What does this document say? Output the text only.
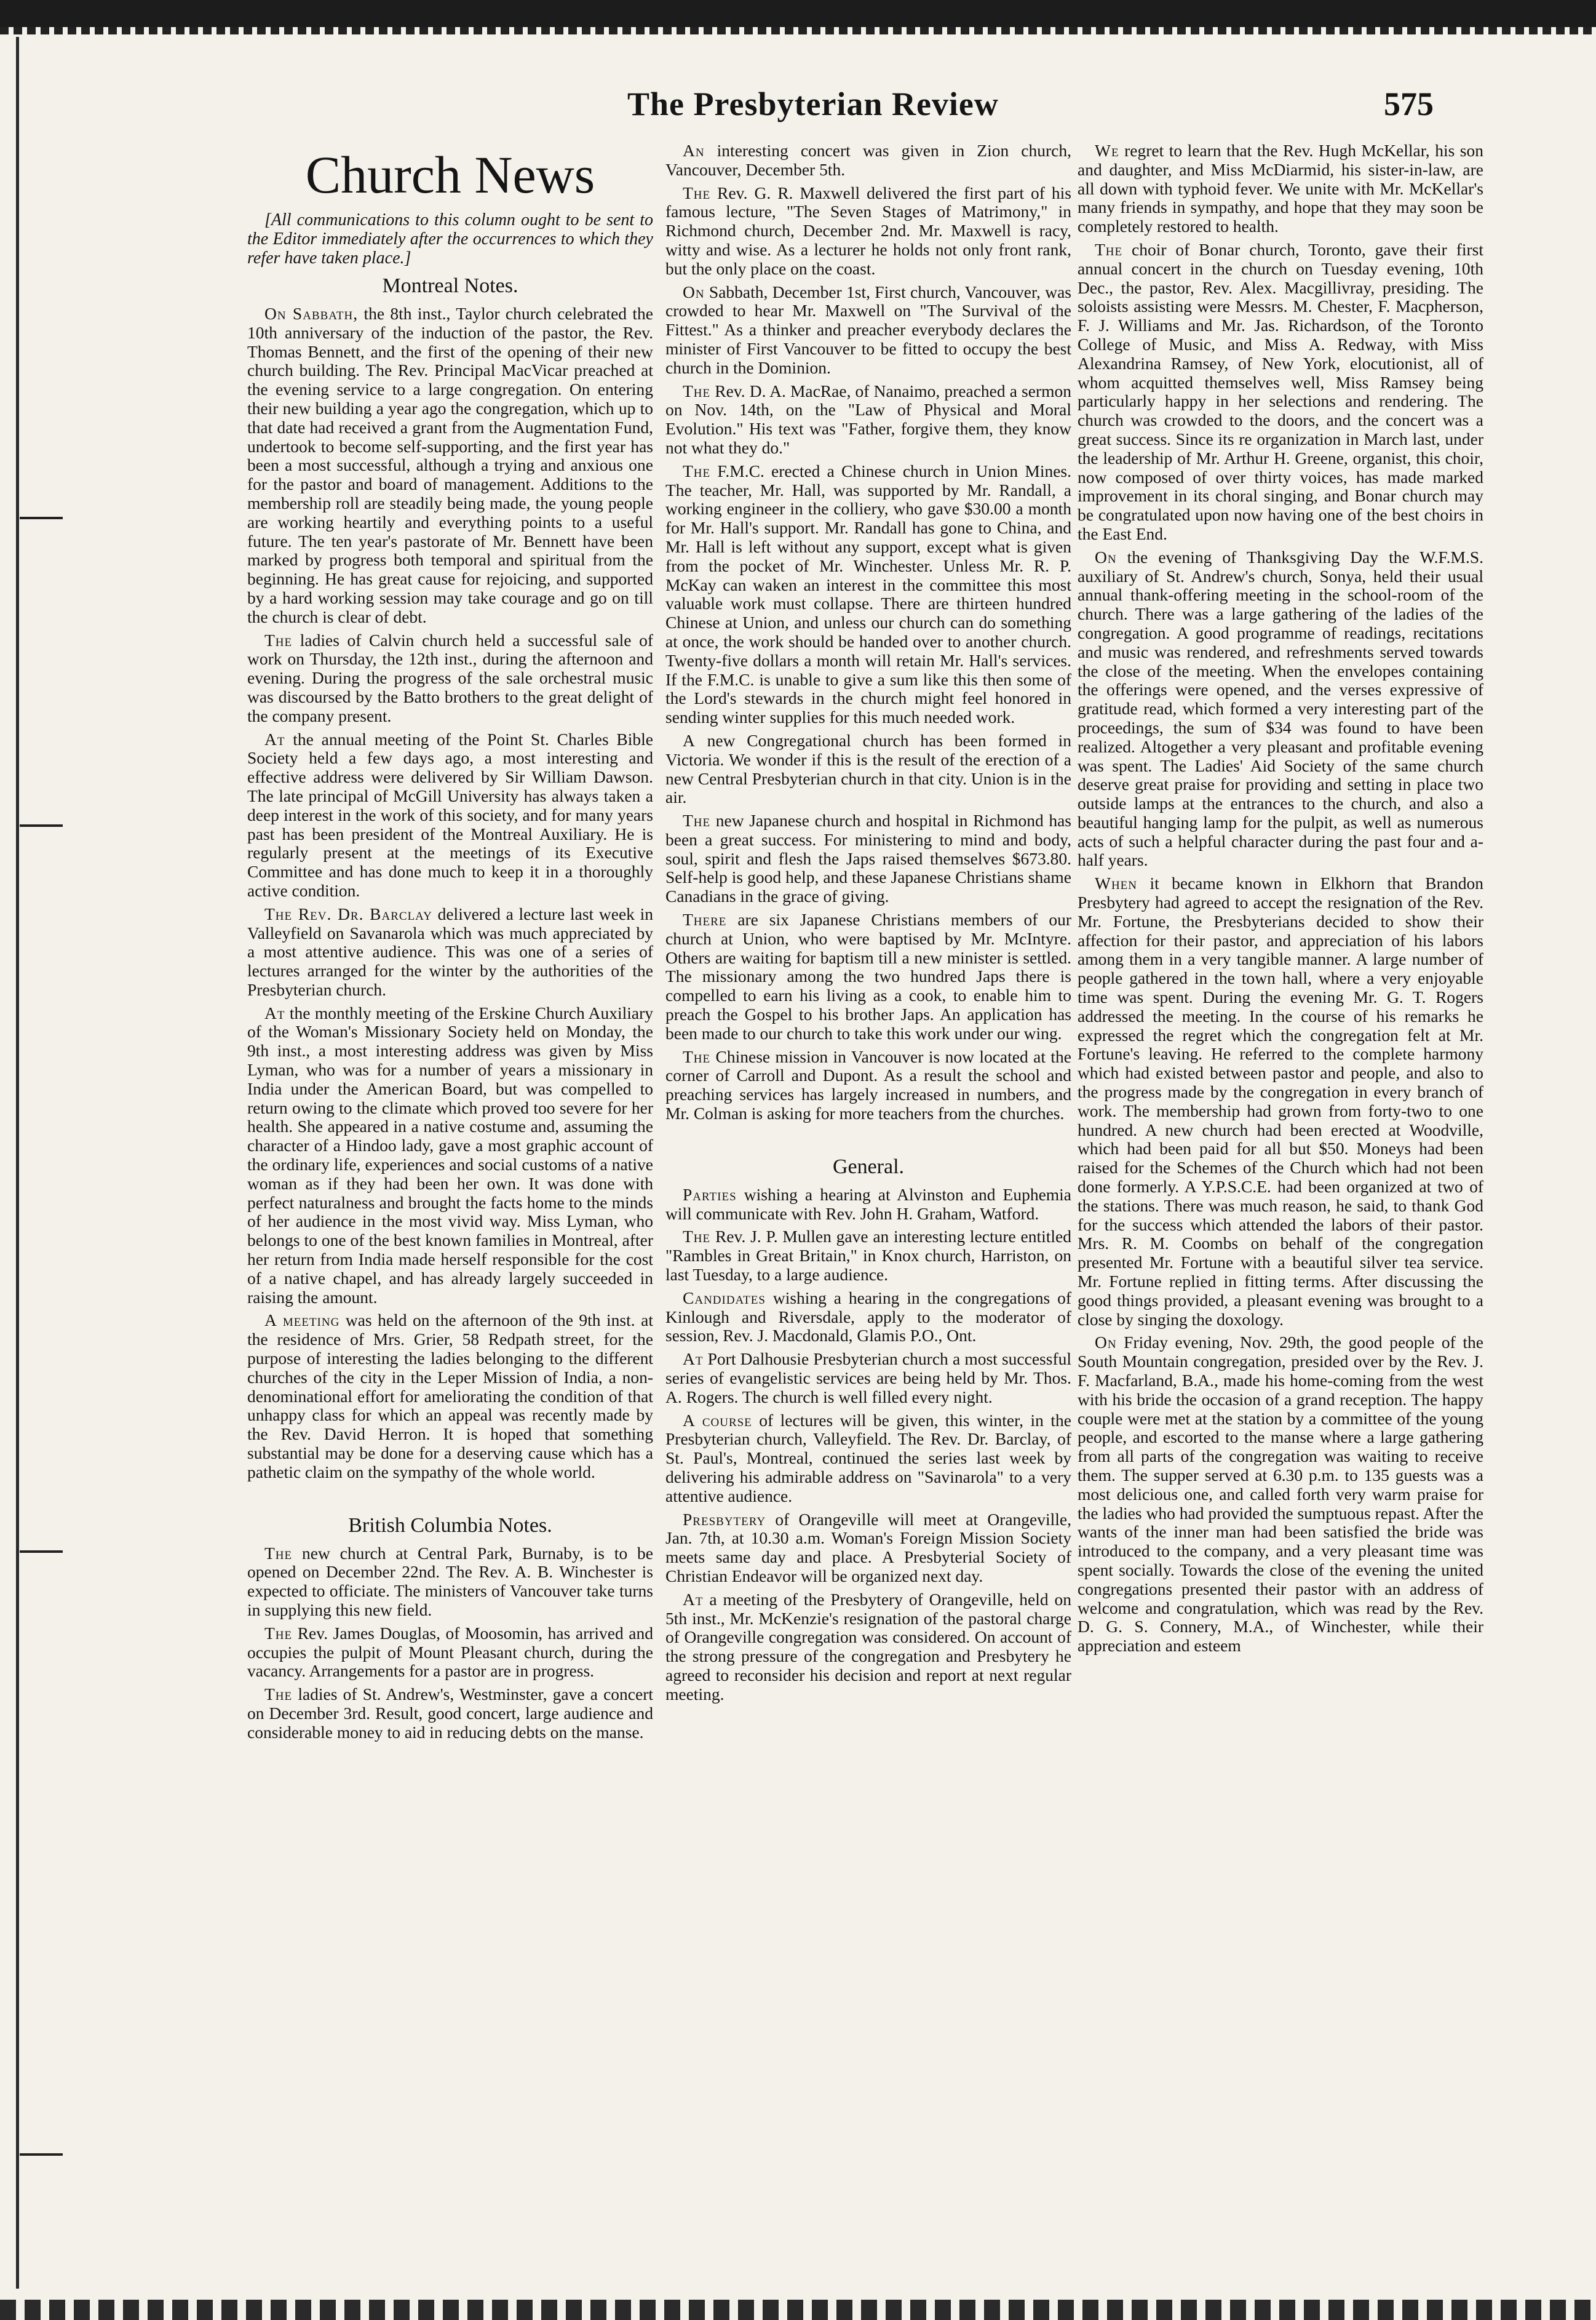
The Presbyterian Review	575
Church News

[All communications to this column ought to be sent to the Editor immediately after the occurrences to which they refer have taken place.]

Montreal Notes.

On Sabbath, the 8th inst., Taylor church celebrated the 10th anniversary of the induction of the pastor, the Rev. Thomas Bennett, and the first of the opening of their new church building. The Rev. Principal MacVicar preached at the evening service to a large congregation. On entering their new building a year ago the congregation, which up to that date had received a grant from the Augmentation Fund, undertook to become self-supporting, and the first year has been a most successful, although a trying and anxious one for the pastor and board of management. Additions to the membership roll are steadily being made, the young people are working heartily and everything points to a useful future. The ten year's pastorate of Mr. Bennett have been marked by progress both temporal and spiritual from the beginning. He has great cause for rejoicing, and supported by a hard working session may take courage and go on till the church is clear of debt.

The ladies of Calvin church held a successful sale of work on Thursday, the 12th inst., during the afternoon and evening. During the progress of the sale orchestral music was discoursed by the Batto brothers to the great delight of the company present.

At the annual meeting of the Point St. Charles Bible Society held a few days ago, a most interesting and effective address were delivered by Sir William Dawson. The late principal of McGill University has always taken a deep interest in the work of this society, and for many years past has been president of the Montreal Auxiliary. He is regularly present at the meetings of its Executive Committee and has done much to keep it in a thoroughly active condition.

The Rev. Dr. Barclay delivered a lecture last week in Valleyfield on Savanarola which was much appreciated by a most attentive audience. This was one of a series of lectures arranged for the winter by the authorities of the Presbyterian church.

At the monthly meeting of the Erskine Church Auxiliary of the Woman's Missionary Society held on Monday, the 9th inst., a most interesting address was given by Miss Lyman, who was for a number of years a missionary in India under the American Board, but was compelled to return owing to the climate which proved too severe for her health. She appeared in a native costume and, assuming the character of a Hindoo lady, gave a most graphic account of the ordinary life, experiences and social customs of a native woman as if they had been her own. It was done with perfect naturalness and brought the facts home to the minds of her audience in the most vivid way. Miss Lyman, who belongs to one of the best known families in Montreal, after her return from India made herself responsible for the cost of a native chapel, and has already largely succeeded in raising the amount.

A meeting was held on the afternoon of the 9th inst. at the residence of Mrs. Grier, 58 Redpath street, for the purpose of interesting the ladies belonging to the different churches of the city in the Leper Mission of India, a non-denominational effort for ameliorating the condition of that unhappy class for which an appeal was recently made by the Rev. David Herron. It is hoped that something substantial may be done for a deserving cause which has a pathetic claim on the sympathy of the whole world.

British Columbia Notes.

The new church at Central Park, Burnaby, is to be opened on December 22nd. The Rev. A. B. Winchester is expected to officiate. The ministers of Vancouver take turns in supplying this new field.

The Rev. James Douglas, of Moosomin, has arrived and occupies the pulpit of Mount Pleasant church, during the vacancy. Arrangements for a pastor are in progress.

The ladies of St. Andrew's, Westminster, gave a concert on December 3rd. Result, good concert, large audience and considerable money to aid in reducing debts on the manse.

An interesting concert was given in Zion church, Vancouver, December 5th.

The Rev. G. R. Maxwell delivered the first part of his famous lecture, "The Seven Stages of Matrimony," in Richmond church, December 2nd. Mr. Maxwell is racy, witty and wise. As a lecturer he holds not only front rank, but the only place on the coast.

On Sabbath, December 1st, First church, Vancouver, was crowded to hear Mr. Maxwell on "The Survival of the Fittest." As a thinker and preacher everybody declares the minister of First Vancouver to be fitted to occupy the best church in the Dominion.

The Rev. D. A. MacRae, of Nanaimo, preached a sermon on Nov. 14th, on the "Law of Physical and Moral Evolution." His text was "Father, forgive them, they know not what they do."

The F.M.C. erected a Chinese church in Union Mines. The teacher, Mr. Hall, was supported by Mr. Randall, a working engineer in the colliery, who gave $30.00 a month for Mr. Hall's support. Mr. Randall has gone to China, and Mr. Hall is left without any support, except what is given from the pocket of Mr. Winchester. Unless Mr. R. P. McKay can waken an interest in the committee this most valuable work must collapse. There are thirteen hundred Chinese at Union, and unless our church can do something at once, the work should be handed over to another church. Twenty-five dollars a month will retain Mr. Hall's services. If the F.M.C. is unable to give a sum like this then some of the Lord's stewards in the church might feel honored in sending winter supplies for this much needed work.

A new Congregational church has been formed in Victoria. We wonder if this is the result of the erection of a new Central Presbyterian church in that city. Union is in the air.

The new Japanese church and hospital in Richmond has been a great success. For ministering to mind and body, soul, spirit and flesh the Japs raised themselves $673.80. Self-help is good help, and these Japanese Christians shame Canadians in the grace of giving.

There are six Japanese Christians members of our church at Union, who were baptised by Mr. McIntyre. Others are waiting for baptism till a new minister is settled. The missionary among the two hundred Japs there is compelled to earn his living as a cook, to enable him to preach the Gospel to his brother Japs. An application has been made to our church to take this work under our wing.

The Chinese mission in Vancouver is now located at the corner of Carroll and Dupont. As a result the school and preaching services has largely increased in numbers, and Mr. Colman is asking for more teachers from the churches.

General.

Parties wishing a hearing at Alvinston and Euphemia will communicate with Rev. John H. Graham, Watford.

The Rev. J. P. Mullen gave an interesting lecture entitled "Rambles in Great Britain," in Knox church, Harriston, on last Tuesday, to a large audience.

Candidates wishing a hearing in the congregations of Kinlough and Riversdale, apply to the moderator of session, Rev. J. Macdonald, Glamis P.O., Ont.

At Port Dalhousie Presbyterian church a most successful series of evangelistic services are being held by Mr. Thos. A. Rogers. The church is well filled every night.

A course of lectures will be given, this winter, in the Presbyterian church, Valleyfield. The Rev. Dr. Barclay, of St. Paul's, Montreal, continued the series last week by delivering his admirable address on "Savinarola" to a very attentive audience.

Presbytery of Orangeville will meet at Orangeville, Jan. 7th, at 10.30 a.m. Woman's Foreign Mission Society meets same day and place. A Presbyterial Society of Christian Endeavor will be organized next day.

At a meeting of the Presbytery of Orangeville, held on 5th inst., Mr. McKenzie's resignation of the pastoral charge of Orangeville congregation was considered. On account of the strong pressure of the congregation and Presbytery he agreed to reconsider his decision and report at next regular meeting.

We regret to learn that the Rev. Hugh McKellar, his son and daughter, and Miss McDiarmid, his sister-in-law, are all down with typhoid fever. We unite with Mr. McKellar's many friends in sympathy, and hope that they may soon be completely restored to health.

The choir of Bonar church, Toronto, gave their first annual concert in the church on Tuesday evening, 10th Dec., the pastor, Rev. Alex. Macgillivray, presiding. The soloists assisting were Messrs. M. Chester, F. Macpherson, F. J. Williams and Mr. Jas. Richardson, of the Toronto College of Music, and Miss A. Redway, with Miss Alexandrina Ramsey, of New York, elocutionist, all of whom acquitted themselves well, Miss Ramsey being particularly happy in her selections and rendering. The church was crowded to the doors, and the concert was a great success. Since its re organization in March last, under the leadership of Mr. Arthur H. Greene, organist, this choir, now composed of over thirty voices, has made marked improvement in its choral singing, and Bonar church may be congratulated upon now having one of the best choirs in the East End.

On the evening of Thanksgiving Day the W.F.M.S. auxiliary of St. Andrew's church, Sonya, held their usual annual thank-offering meeting in the school-room of the church. There was a large gathering of the ladies of the congregation. A good programme of readings, recitations and music was rendered, and refreshments served towards the close of the meeting. When the envelopes containing the offerings were opened, and the verses expressive of gratitude read, which formed a very interesting part of the proceedings, the sum of $34 was found to have been realized. Altogether a very pleasant and profitable evening was spent. The Ladies' Aid Society of the same church deserve great praise for providing and setting in place two outside lamps at the entrances to the church, and also a beautiful hanging lamp for the pulpit, as well as numerous acts of such a helpful character during the past four and a-half years.

When it became known in Elkhorn that Brandon Presbytery had agreed to accept the resignation of the Rev. Mr. Fortune, the Presbyterians decided to show their affection for their pastor, and appreciation of his labors among them in a very tangible manner. A large number of people gathered in the town hall, where a very enjoyable time was spent. During the evening Mr. G. T. Rogers addressed the meeting. In the course of his remarks he expressed the regret which the congregation felt at Mr. Fortune's leaving. He referred to the complete harmony which had existed between pastor and people, and also to the progress made by the congregation in every branch of work. The membership had grown from forty-two to one hundred. A new church had been erected at Woodville, which had been paid for all but $50. Moneys had been raised for the Schemes of the Church which had not been done formerly. A Y.P.S.C.E. had been organized at two of the stations. There was much reason, he said, to thank God for the success which attended the labors of their pastor. Mrs. R. M. Coombs on behalf of the congregation presented Mr. Fortune with a beautiful silver tea service. Mr. Fortune replied in fitting terms. After discussing the good things provided, a pleasant evening was brought to a close by singing the doxology.

On Friday evening, Nov. 29th, the good people of the South Mountain congregation, presided over by the Rev. J. F. Macfarland, B.A., made his home-coming from the west with his bride the occasion of a grand reception. The happy couple were met at the station by a committee of the young people, and escorted to the manse where a large gathering from all parts of the congregation was waiting to receive them. The supper served at 6.30 p.m. to 135 guests was a most delicious one, and called forth very warm praise for the ladies who had provided the sumptuous repast. After the wants of the inner man had been satisfied the bride was introduced to the company, and a very pleasant time was spent socially. Towards the close of the evening the united congregations presented their pastor with an address of welcome and congratulation, which was read by the Rev. D. G. S. Connery, M.A., of Winchester, while their appreciation and esteem
